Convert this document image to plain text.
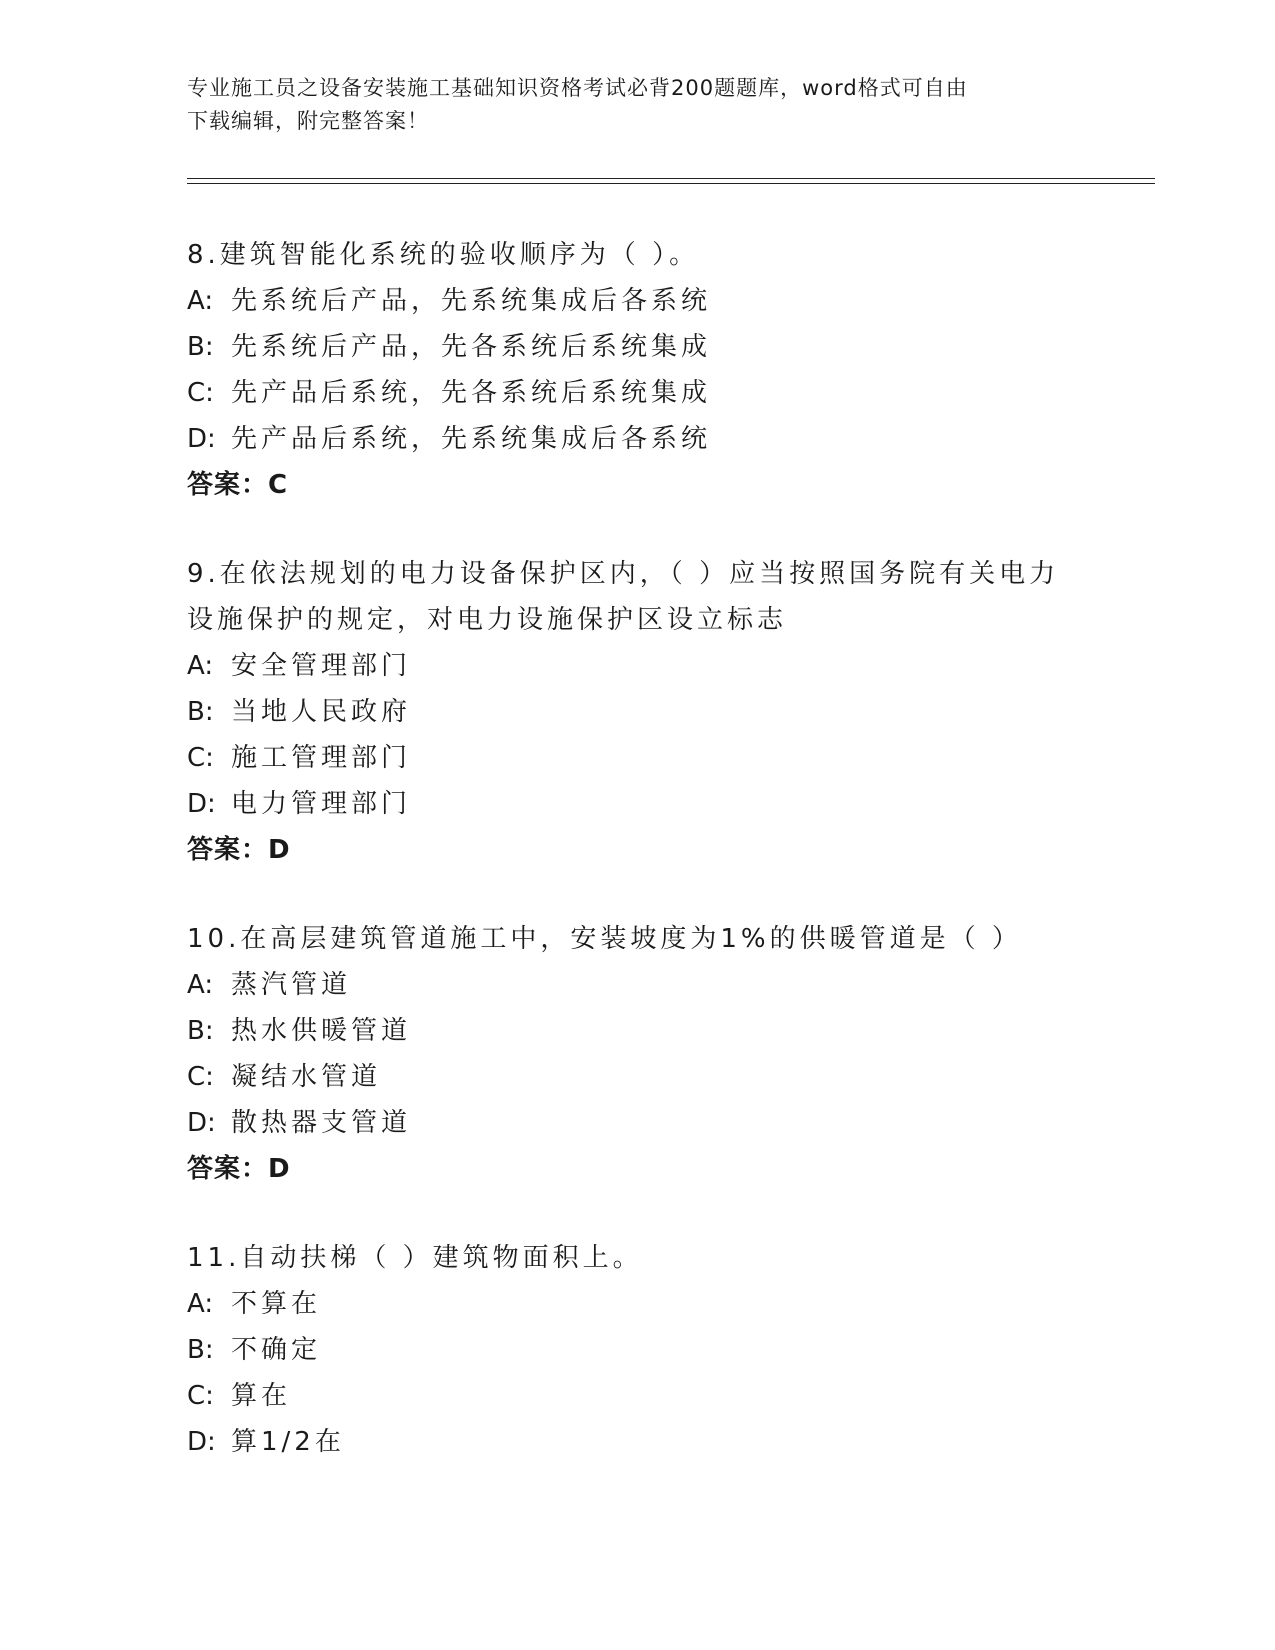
专业施工员之设备安装施工基础知识资格考试必背200题题库，word格式可自由
下载编辑，附完整答案！
8.建筑智能化系统的验收顺序为（ ）。
A: 先系统后产品，先系统集成后各系统
B: 先系统后产品，先各系统后系统集成
C: 先产品后系统，先各系统后系统集成
D: 先产品后系统，先系统集成后各系统
答案：C
9.在依法规划的电力设备保护区内，（ ）应当按照国务院有关电力设施保护的规定，对电力设施保护区设立标志
A: 安全管理部门
B: 当地人民政府
C: 施工管理部门
D: 电力管理部门
答案：D
10.在高层建筑管道施工中，安装坡度为1%的供暖管道是（ ）
A: 蒸汽管道
B: 热水供暖管道
C: 凝结水管道
D: 散热器支管道
答案：D
11.自动扶梯（ ）建筑物面积上。
A: 不算在
B: 不确定
C: 算在
D: 算1/2在
